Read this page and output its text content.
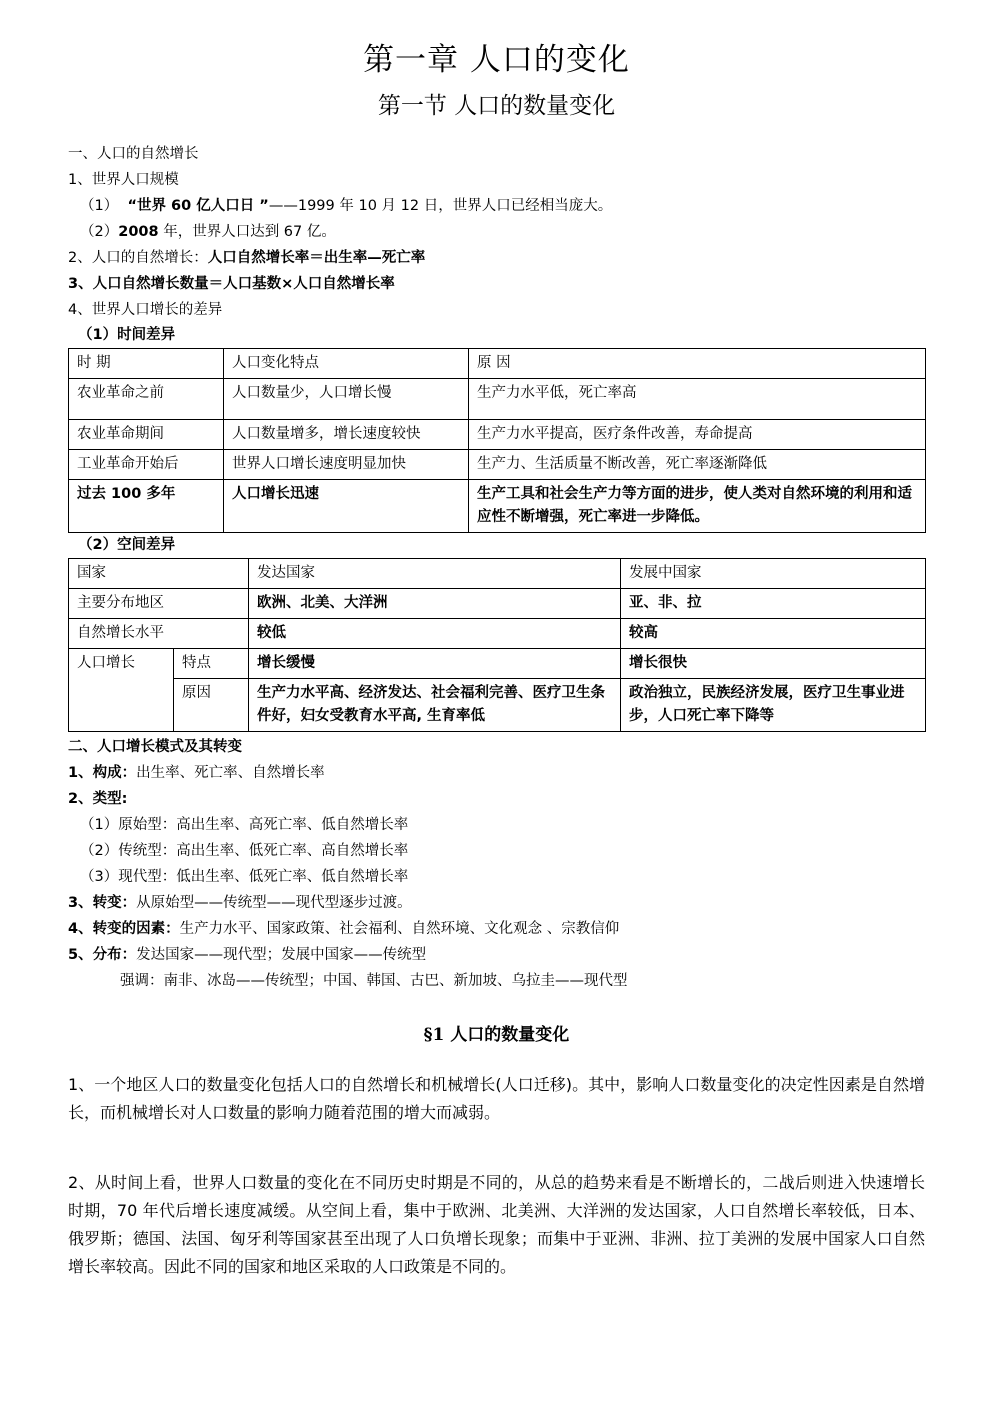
第一章 人口的变化
第一节 人口的数量变化
一、人口的自然增长
1、世界人口规模
（1） “世界 60 亿人口日 ”——1999 年 10 月 12 日，世界人口已经相当庞大。
（2）2008 年，世界人口达到 67 亿。
2、人口的自然增长：人口自然增长率＝出生率—死亡率
3、人口自然增长数量＝人口基数×人口自然增长率
4、世界人口增长的差异
（1）时间差异
时 期	人口变化特点	原 因
农业革命之前	人口数量少，人口增长慢	生产力水平低，死亡率高
农业革命期间	人口数量增多，增长速度较快	生产力水平提高，医疗条件改善，寿命提高
工业革命开始后	世界人口增长速度明显加快	生产力、生活质量不断改善，死亡率逐渐降低
过去 100 多年	人口增长迅速	生产工具和社会生产力等方面的进步，使人类对自然环境的利用和适应性不断增强，死亡率进一步降低。
（2）空间差异
国家		发达国家	发展中国家
主要分布地区		欧洲、北美、大洋洲	亚、非、拉
自然增长水平		较低	较高
人口增长	特点	增长缓慢	增长很快
	原因	生产力水平高、经济发达、社会福利完善、医疗卫生条件好，妇女受教育水平高, 生育率低	政治独立，民族经济发展，医疗卫生事业进步，人口死亡率下降等
二、人口增长模式及其转变
1、构成：出生率、死亡率、自然增长率
2、类型:
（1）原始型：高出生率、高死亡率、低自然增长率
（2）传统型：高出生率、低死亡率、高自然增长率
（3）现代型：低出生率、低死亡率、低自然增长率
3、转变：从原始型——传统型——现代型逐步过渡。
4、转变的因素：生产力水平、国家政策、社会福利、自然环境、文化观念 、宗教信仰
5、分布：发达国家——现代型；发展中国家——传统型
强调：南非、冰岛——传统型；中国、韩国、古巴、新加坡、乌拉圭——现代型
§1 人口的数量变化
1、一个地区人口的数量变化包括人口的自然增长和机械增长(人口迁移)。其中，影响人口数量变化的决定性因素是自然增长，而机械增长对人口数量的影响力随着范围的增大而减弱。
2、从时间上看，世界人口数量的变化在不同历史时期是不同的，从总的趋势来看是不断增长的，二战后则进入快速增长时期，70 年代后增长速度减缓。从空间上看，集中于欧洲、北美洲、大洋洲的发达国家，人口自然增长率较低，日本、俄罗斯；德国、法国、匈牙利等国家甚至出现了人口负增长现象；而集中于亚洲、非洲、拉丁美洲的发展中国家人口自然增长率较高。因此不同的国家和地区采取的人口政策是不同的。
